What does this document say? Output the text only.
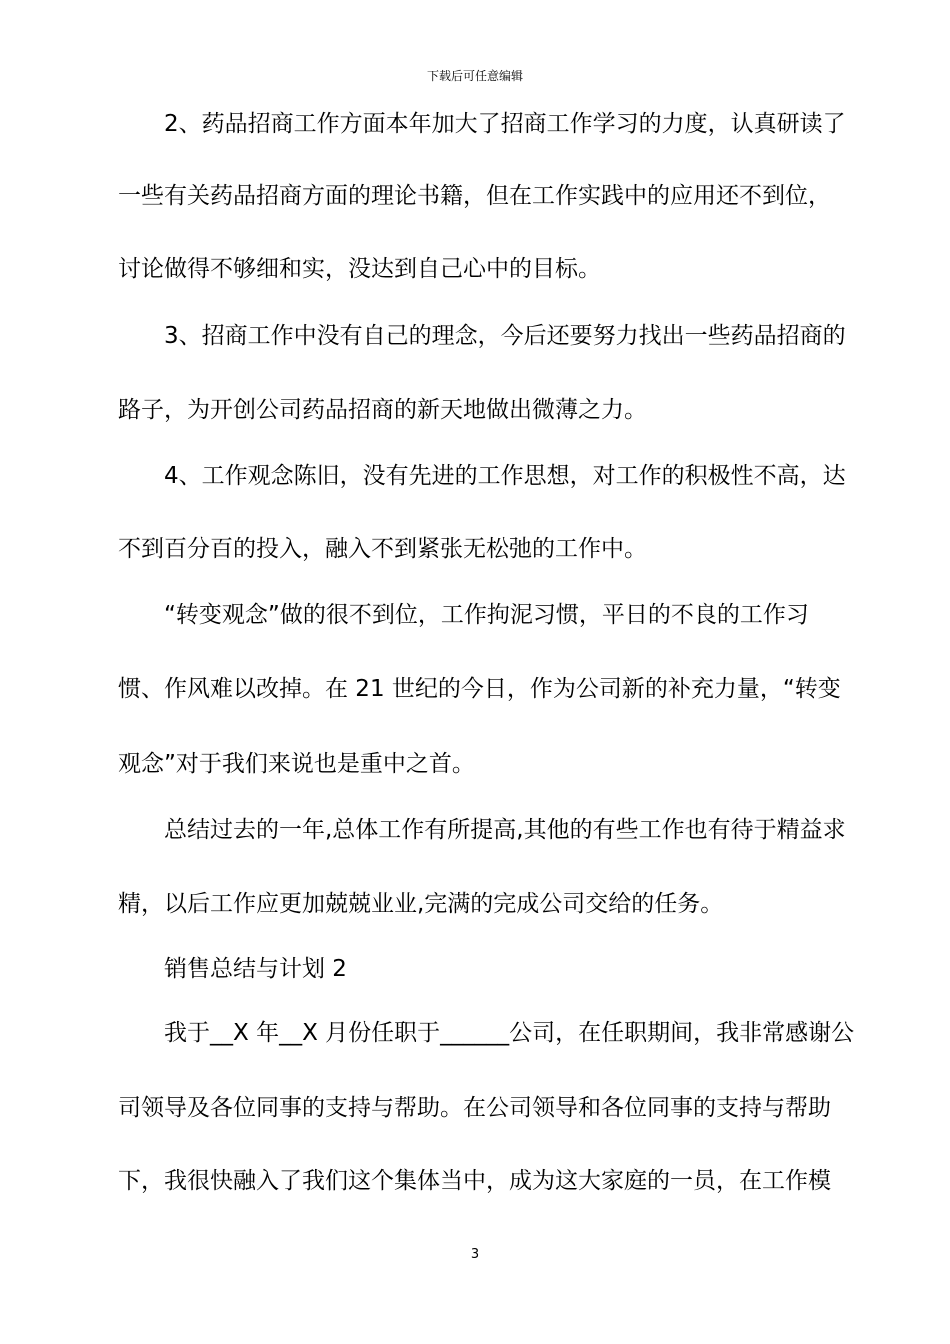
下载后可任意编辑
2、药品招商工作方面本年加大了招商工作学习的力度，认真研读了
一些有关药品招商方面的理论书籍，但在工作实践中的应用还不到位，
讨论做得不够细和实，没达到自己心中的目标。
3、招商工作中没有自己的理念，今后还要努力找出一些药品招商的
路子，为开创公司药品招商的新天地做出微薄之力。
4、工作观念陈旧，没有先进的工作思想，对工作的积极性不高，达
不到百分百的投入，融入不到紧张无松弛的工作中。
“转变观念”做的很不到位，工作拘泥习惯，平日的不良的工作习
惯、作风难以改掉。在 21 世纪的今日，作为公司新的补充力量，“转变
观念”对于我们来说也是重中之首。
总结过去的一年,总体工作有所提高,其他的有些工作也有待于精益求
精，以后工作应更加兢兢业业,完满的完成公司交给的任务。
销售总结与计划 2
我于__X 年__X 月份任职于______公司，在任职期间，我非常感谢公
司领导及各位同事的支持与帮助。在公司领导和各位同事的支持与帮助
下，我很快融入了我们这个集体当中，成为这大家庭的一员，在工作模
3
